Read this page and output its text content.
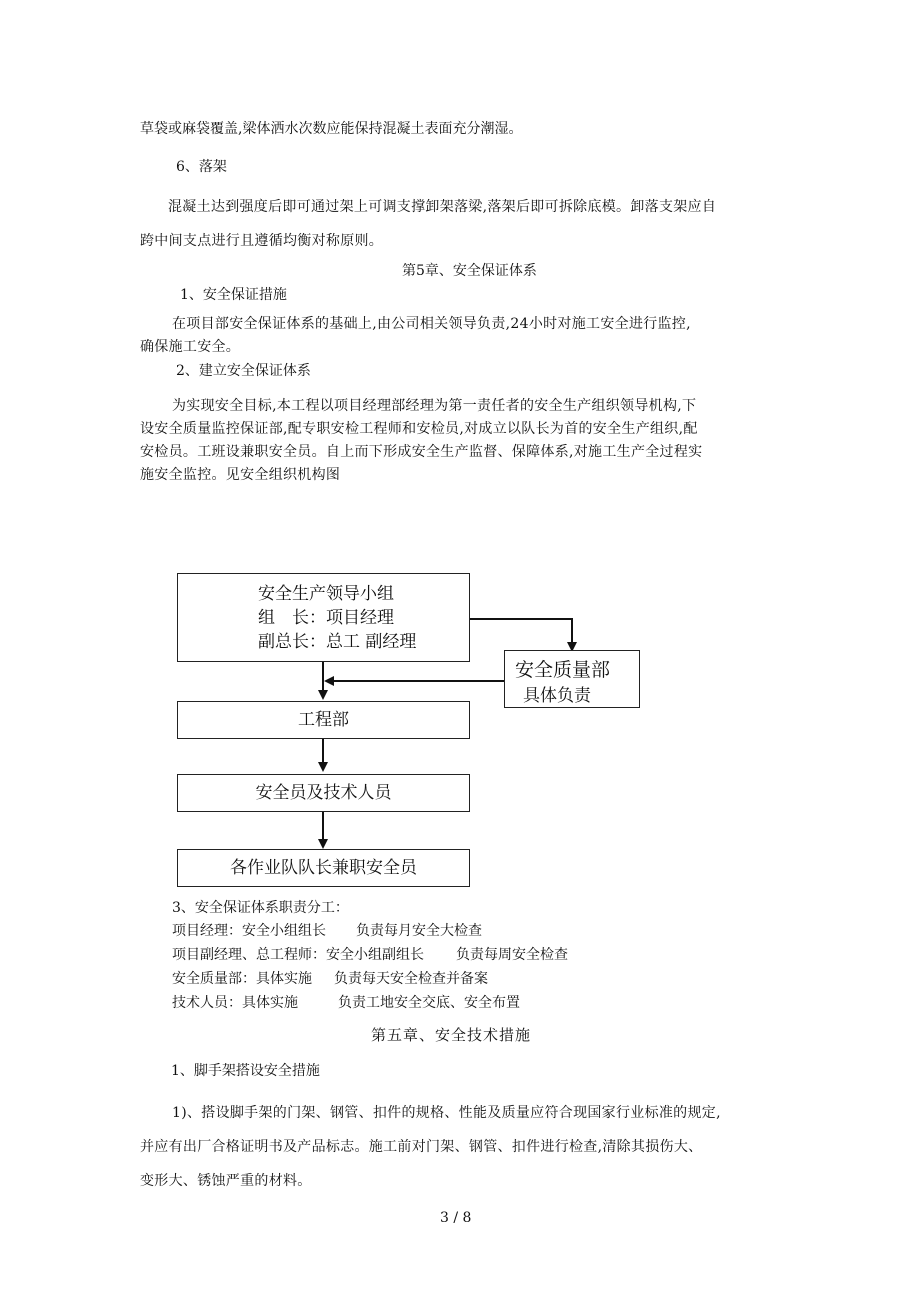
草袋或麻袋覆盖,梁体洒水次数应能保持混凝土表面充分潮湿。
6、落架
混凝土达到强度后即可通过架上可调支撑卸架落梁,落架后即可拆除底模。卸落支架应自
跨中间支点进行且遵循均衡对称原则。
第5章、安全保证体系
1、安全保证措施
在项目部安全保证体系的基础上,由公司相关领导负责,24小时对施工安全进行监控,
确保施工安全。
2、建立安全保证体系
为实现安全目标,本工程以项目经理部经理为第一责任者的安全生产组织领导机构,下
设安全质量监控保证部,配专职安检工程师和安检员,对成立以队长为首的安全生产组织,配
安检员。工班设兼职安全员。自上而下形成安全生产监督、保障体系,对施工生产全过程实
施安全监控。见安全组织机构图
安全生产领导小组
组　长：项目经理
副总长：总工 副经理
安全质量部
具体负责
工程部
安全员及技术人员
各作业队队长兼职安全员
3、安全保证体系职责分工：
项目经理：安全小组组长 负责每月安全大检查
项目副经理、总工程师：安全小组副组长 负责每周安全检查
安全质量部：具体实施 负责每天安全检查并备案
技术人员：具体实施	负责工地安全交底、安全布置
第五章、安全技术措施
1、脚手架搭设安全措施
1)、搭设脚手架的门架、钢管、扣件的规格、性能及质量应符合现国家行业标准的规定,
并应有出厂合格证明书及产品标志。施工前对门架、钢管、扣件进行检查,清除其损伤大、
变形大、锈蚀严重的材料。
3 / 8
